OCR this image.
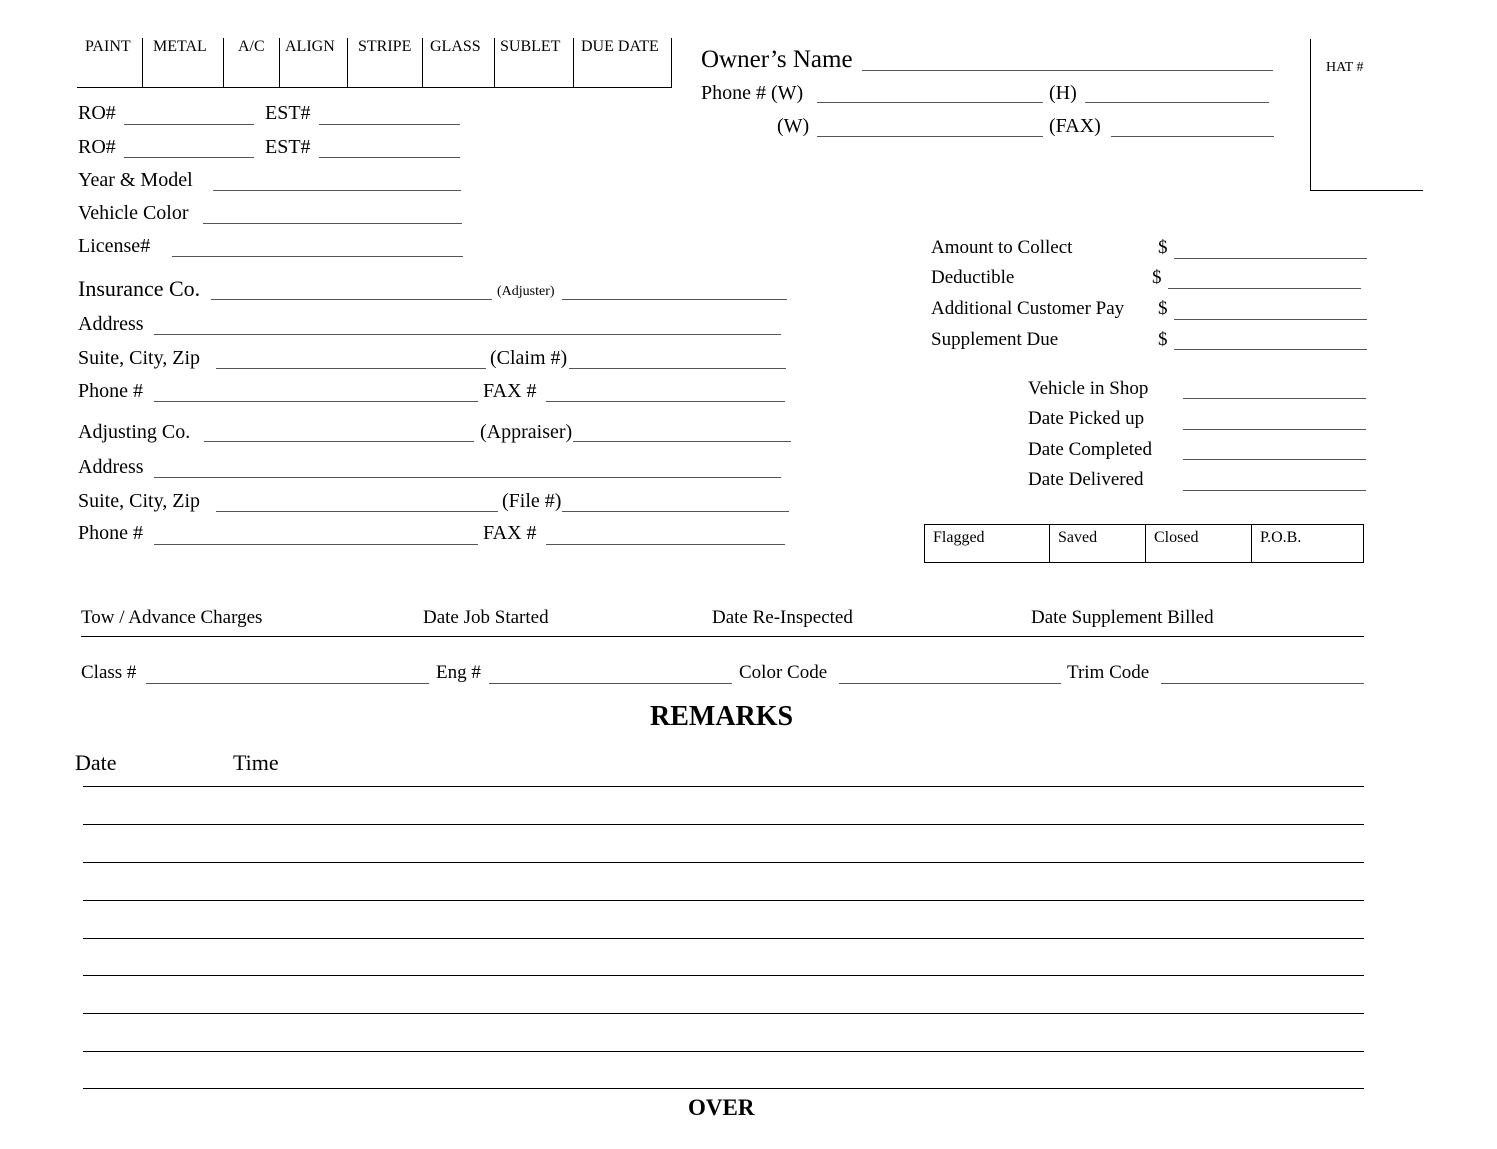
PAINT METAL A/C ALIGN STRIPE GLASS SUBLET DUE DATE Owner’s Name
Phone # (W)	(H)
(W)	(FAX)
HAT #
RO#	EST#
RO#	EST#
Year & Model
Vehicle Color
License#
Insurance Co.	(Adjuster)
Address
Suite, City, Zip	(Claim #)
Phone #	FAX #
Adjusting Co.	(Appraiser)
Address
Suite, City, Zip	(File #)
Phone #	FAX #
Amount to Collect	$
Deductible	$
Additional Customer Pay $
Supplement Due	$
Vehicle in Shop
Date Picked up
Date Completed
Date Delivered
Flagged	Saved	Closed	P.O.B.
Tow / Advance Charges	Date Job Started	Date Re-Inspected	Date Supplement Billed
Class #	Eng #	Color Code	Trim Code
REMARKS
Date	Time
OVER
